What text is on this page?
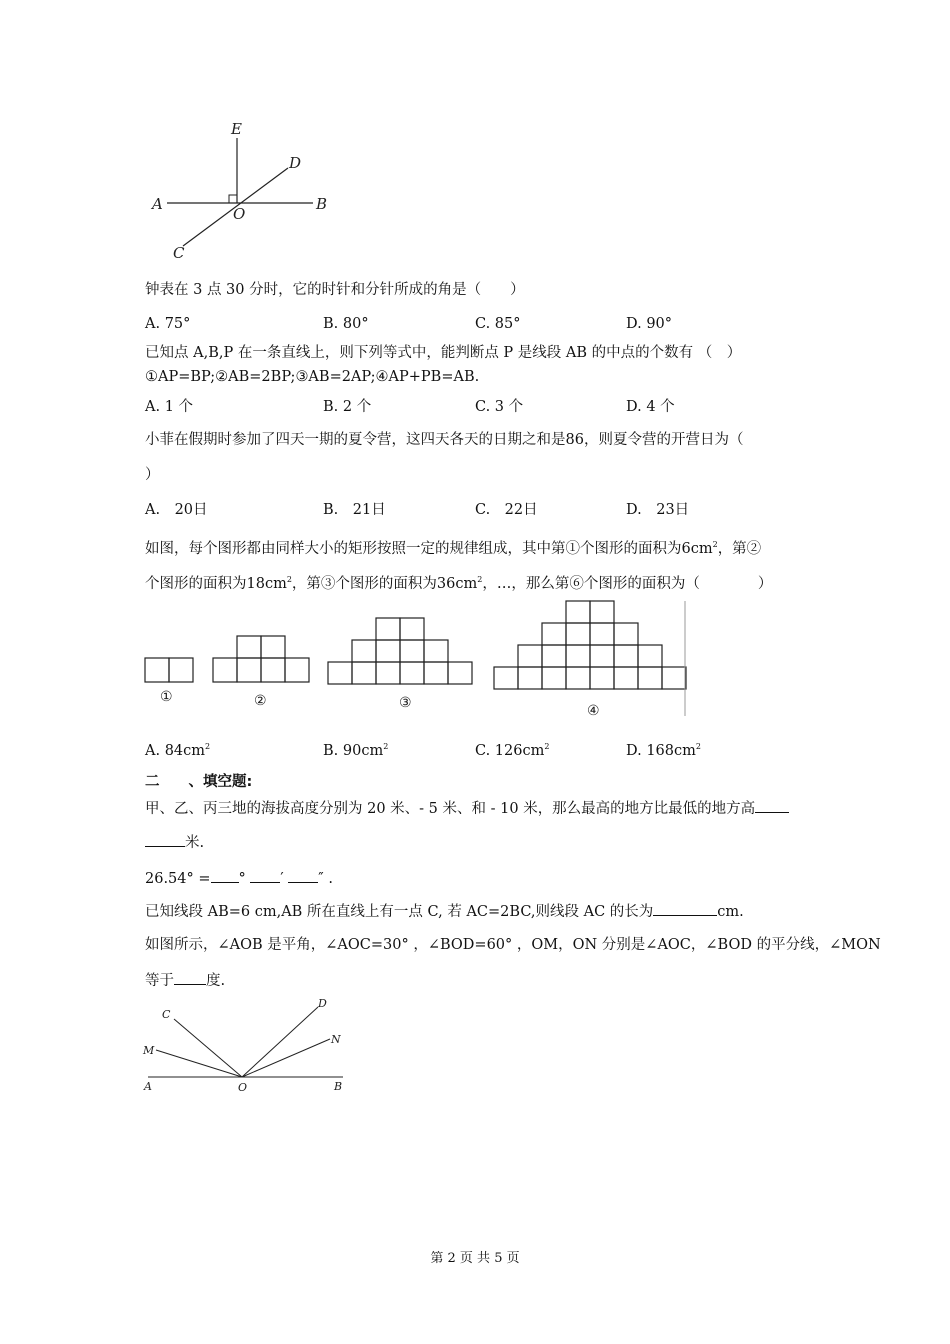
E
D
A
O
B
C
钟表在 3 点 30 分时，它的时针和分针所成的角是（　　）
A. 75°	B. 80°	C. 85°	D. 90°
已知点 A,B,P 在一条直线上，则下列等式中，能判断点 P 是线段 AB 的中点的个数有 （　）
①AP=BP;②AB=2BP;③AB=2AP;④AP+PB=AB.
A. 1 个	B. 2 个	C. 3 个	D. 4 个
小菲在假期时参加了四天一期的夏令营，这四天各天的日期之和是86，则夏令营的开营日为（
）
A.　20日	B.　21日	C.　22日	D.　23日
如图，每个图形都由同样大小的矩形按照一定的规律组成，其中第①个图形的面积为$6cm^2$，第②
个图形的面积为$18cm^2$，第③个图形的面积为$36cm^2$，…，那么第⑥个图形的面积为（　　　　）
①	②	③	④
A. $84cm^2$	B. $90cm^2$	C. $126cm^2$	D. $168cm^2$
二　　、填空题:
甲、乙、丙三地的海拔高度分别为 20 米、- 5 米、和 - 10 米，那么最高的地方比最低的地方高
米.
26.54° = ° ′ ″ .
已知线段 AB=6 cm,AB 所在直线上有一点 C, 若 AC=2BC,则线段 AC 的长为	cm.
如图所示，∠AOB 是平角，∠AOC=30° ，∠BOD=60° ，OM，ON 分别是∠AOC，∠BOD 的平分线，∠MON
等于 度.
C
D
M
N
A	O	B
第 2 页 共 5 页
